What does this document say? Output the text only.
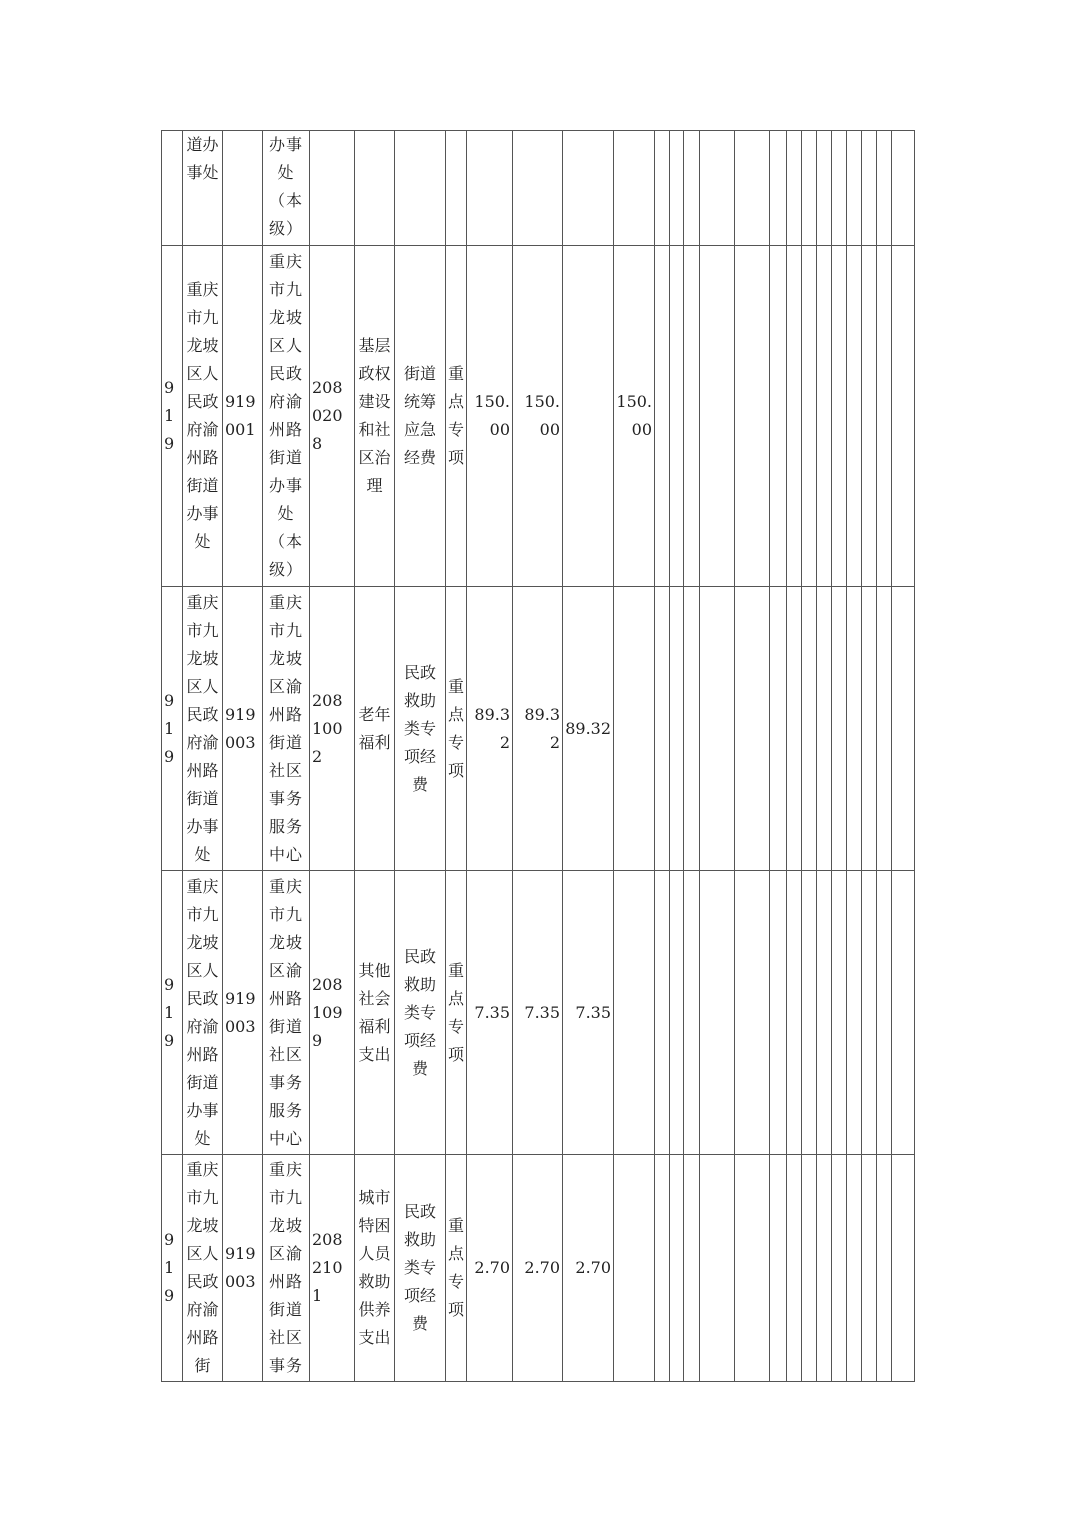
	道办事处		办事处（本级）																						
919	重庆市九龙坡区人民政府渝州路街道办事处	919001	重庆市九龙坡区人民政府渝州路街道办事处（本级）	2080208	基层政权建设和社区治理	街道统筹应急经费	重点专项	150.00	150.00		150.00														
919	重庆市九龙坡区人民政府渝州路街道办事处	919003	重庆市九龙坡区渝州路街道社区事务服务中心	2081002	老年福利	民政救助类专项经费	重点专项	89.32	89.32	89.32															
919	重庆市九龙坡区人民政府渝州路街道办事处	919003	重庆市九龙坡区渝州路街道社区事务服务中心	2081099	其他社会福利支出	民政救助类专项经费	重点专项	7.35	7.35	7.35															
919	重庆市九龙坡区人民政府渝州路街	919003	重庆市九龙坡区渝州路街道社区事务	2082101	城市特困人员救助供养支出	民政救助类专项经费	重点专项	2.70	2.70	2.70															
